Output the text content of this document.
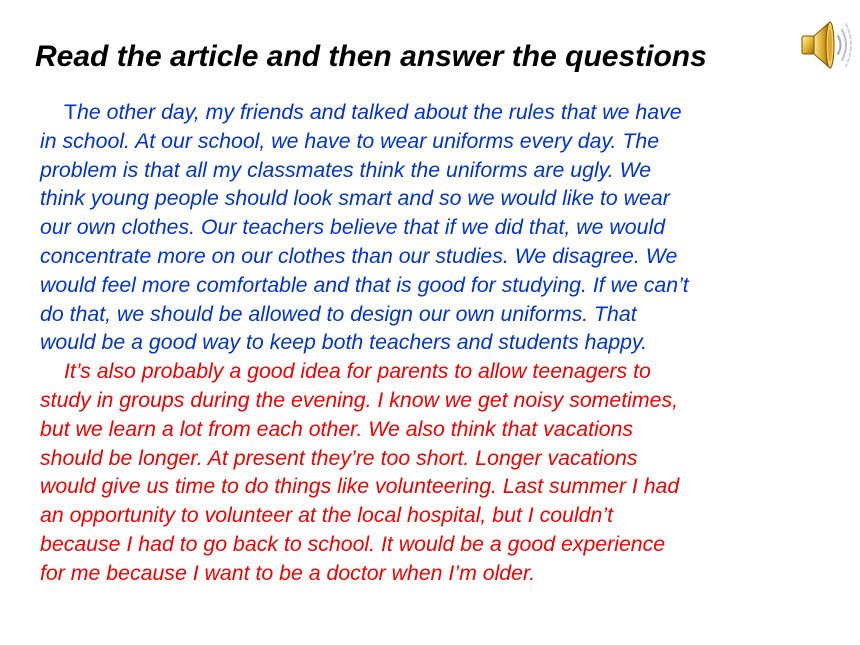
Read the article and then answer the questions
The other day, my friends and talked about the rules that we have
in school. At our school, we have to wear uniforms every day. The
problem is that all my classmates think the uniforms are ugly. We
think young people should look smart and so we would like to wear
our own clothes. Our teachers believe that if we did that, we would
concentrate more on our clothes than our studies. We disagree. We
would feel more comfortable and that is good for studying. If we can’t
do that, we should be allowed to design our own uniforms. That
would be a good way to keep both teachers and students happy.
It’s also probably a good idea for parents to allow teenagers to
study in groups during the evening. I know we get noisy sometimes,
but we learn a lot from each other. We also think that vacations
should be longer. At present they’re too short. Longer vacations
would give us time to do things like volunteering. Last summer I had
an opportunity to volunteer at the local hospital, but I couldn’t
because I had to go back to school. It would be a good experience
for me because I want to be a doctor when I’m older.
